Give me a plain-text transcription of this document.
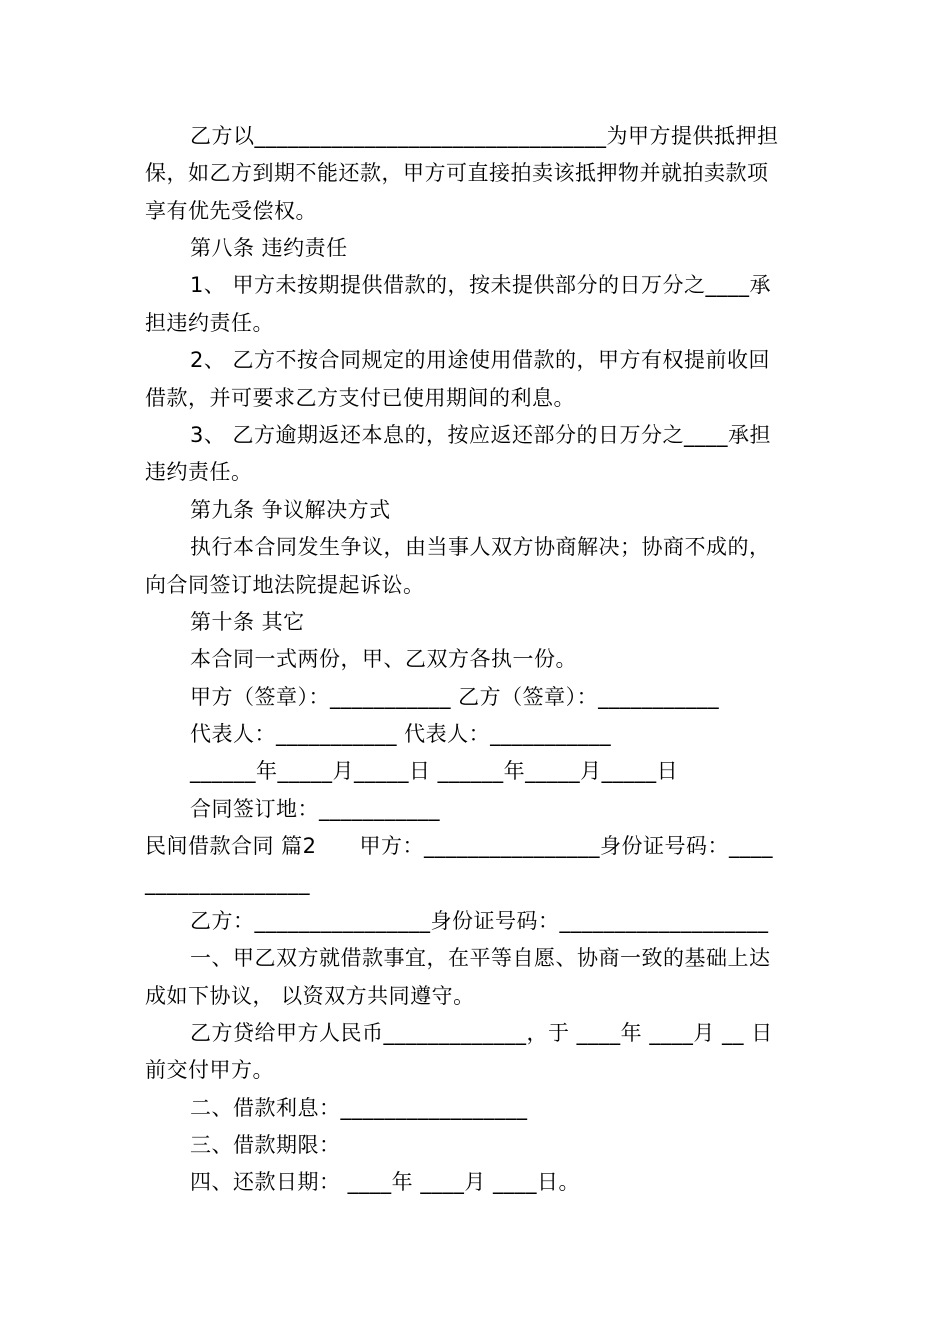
乙方以________________________________为甲方提供抵押担
保，如乙方到期不能还款，甲方可直接拍卖该抵押物并就拍卖款项
享有优先受偿权。
第八条 违约责任
1、 甲方未按期提供借款的，按未提供部分的日万分之____承
担违约责任。
2、 乙方不按合同规定的用途使用借款的，甲方有权提前收回
借款，并可要求乙方支付已使用期间的利息。
3、 乙方逾期返还本息的，按应返还部分的日万分之____承担
违约责任。
第九条 争议解决方式
执行本合同发生争议，由当事人双方协商解决；协商不成的，
向合同签订地法院提起诉讼。
第十条 其它
本合同一式两份，甲、乙双方各执一份。
甲方（签章）：___________ 乙方（签章）：___________
代表人：___________ 代表人：___________
______年_____月_____日 ______年_____月_____日
合同签订地：___________
民间借款合同 篇2　　甲方：________________身份证号码：____
_______________
乙方：________________身份证号码：___________________
一、甲乙双方就借款事宜，在平等自愿、协商一致的基础上达
成如下协议， 以资双方共同遵守。
乙方贷给甲方人民币_____________，于 ____年 ____月 __ 日
前交付甲方。
二、借款利息：_________________
三、借款期限：
四、还款日期： ____年 ____月 ____日。
